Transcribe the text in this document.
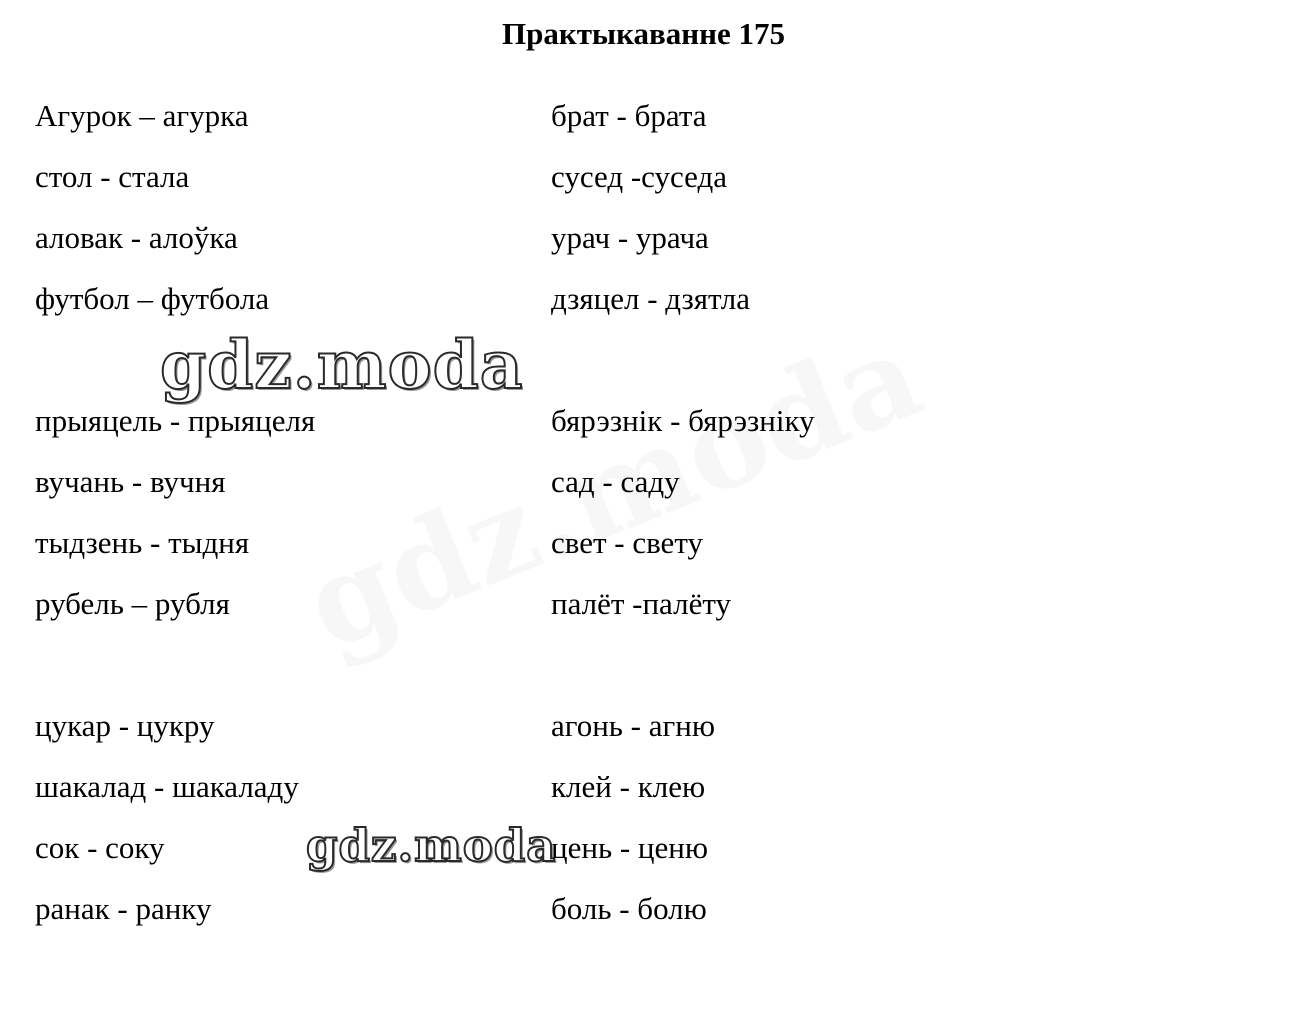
Практыкаванне 175
Агурок – агурка
стол - стала
аловак - алоўка
футбол – футбола
прыяцель - прыяцеля
вучань - вучня
тыдзень - тыдня
рубель – рубля
цукар - цукру
шакалад - шакаладу
сок - соку
ранак - ранку
брат - брата
сусед -суседа
урач - урача
дзяцел - дзятла
бярэзнік - бярэзніку
сад - саду
свет - свету
палёт -палёту
агонь - агню
клей - клею
цень - ценю
боль - болю
gdz.moda
gdz.moda
